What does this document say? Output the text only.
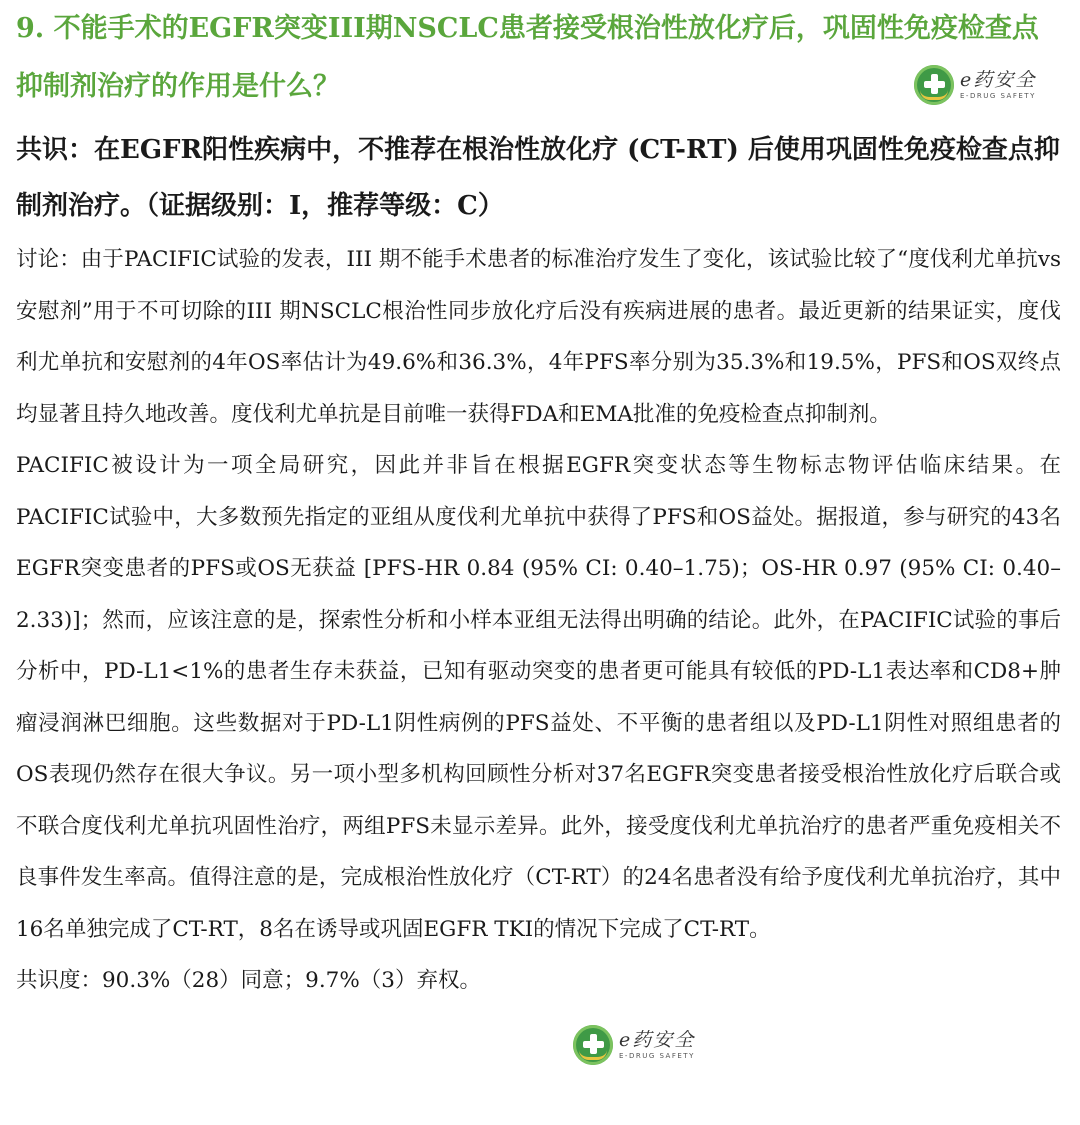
9. 不能手术的EGFR突变III期NSCLC患者接受根治性放化疗后，巩固性免疫检查点抑制剂治疗的作用是什么？

共识：在EGFR阳性疾病中，不推荐在根治性放化疗 (CT-RT) 后使用巩固性免疫检查点抑制剂治疗。（证据级别：I，推荐等级：C）

讨论：由于PACIFIC试验的发表，III 期不能手术患者的标准治疗发生了变化，该试验比较了“度伐利尤单抗vs安慰剂”用于不可切除的III 期NSCLC根治性同步放化疗后没有疾病进展的患者。最近更新的结果证实，度伐利尤单抗和安慰剂的4年OS率估计为49.6%和36.3%，4年PFS率分别为35.3%和19.5%，PFS和OS双终点均显著且持久地改善。度伐利尤单抗是目前唯一获得FDA和EMA批准的免疫检查点抑制剂。

PACIFIC被设计为一项全局研究，因此并非旨在根据EGFR突变状态等生物标志物评估临床结果。在PACIFIC试验中，大多数预先指定的亚组从度伐利尤单抗中获得了PFS和OS益处。据报道，参与研究的43名EGFR突变患者的PFS或OS无获益 [PFS-HR 0.84 (95% CI: 0.40–1.75)；OS-HR 0.97 (95% CI: 0.40–2.33)]；然而，应该注意的是，探索性分析和小样本亚组无法得出明确的结论。此外，在PACIFIC试验的事后分析中，PD-L1<1%的患者生存未获益，已知有驱动突变的患者更可能具有较低的PD-L1表达率和CD8+肿瘤浸润淋巴细胞。这些数据对于PD-L1阴性病例的PFS益处、不平衡的患者组以及PD-L1阴性对照组患者的 OS表现仍然存在很大争议。另一项小型多机构回顾性分析对37名EGFR突变患者接受根治性放化疗后联合或不联合度伐利尤单抗巩固性治疗，两组PFS未显示差异。此外，接受度伐利尤单抗治疗的患者严重免疫相关不良事件发生率高。值得注意的是，完成根治性放化疗（CT-RT）的24名患者没有给予度伐利尤单抗治疗，其中16名单独完成了CT-RT，8名在诱导或巩固EGFR TKI的情况下完成了CT-RT。

共识度：90.3%（28）同意；9.7%（3）弃权。

e药安全
E-DRUG SAFETY
e药安全
E-DRUG SAFETY
